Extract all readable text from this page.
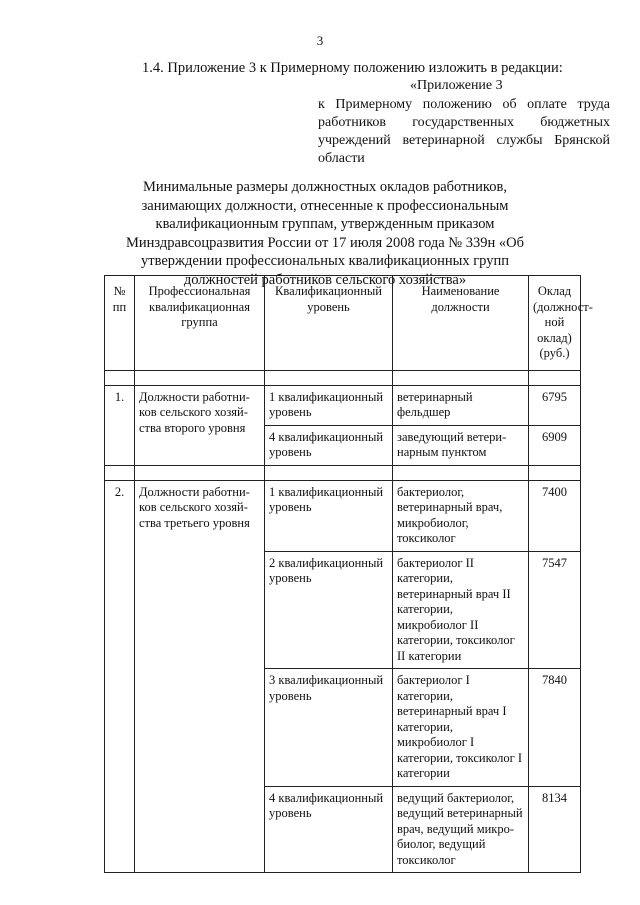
3
1.4. Приложение 3 к Примерному положению изложить в редакции:
«Приложение 3
к Примерному положению об оплате труда работников государственных бюджетных учреждений ветеринарной службы Брянской области
Минимальные размеры должностных окладов работников, занимающих должности, отнесенные к профессиональным квалификационным группам, утвержденным приказом Минздравсоцразвития России от 17 июля 2008 года № 339н «Об утверждении профессиональных квалификационных групп должностей работников сельского хозяйства»
№ пп	Профессиональная квалификационная группа	Квалификационный уровень	Наименование должности	Оклад (должност-ной оклад) (руб.)

1.	Должности работни-ков сельского хозяй-ства второго уровня	1 квалификационный уровень	ветеринарный фельдшер	6795
		4 квалификационный уровень	заведующий ветери-нарным пунктом	6909

2.	Должности работни-ков сельского хозяй-ства третьего уровня	1 квалификационный уровень	бактериолог, ветеринарный врач, микробиолог, токсиколог	7400
		2 квалификационный уровень	бактериолог II категории, ветеринарный врач II категории, микробиолог II категории, токсиколог II категории	7547
		3 квалификационный уровень	бактериолог I категории, ветеринарный врач I категории, микробиолог I категории, токсиколог I категории	7840
		4 квалификационный уровень	ведущий бактериолог, ведущий ветеринарный врач, ведущий микро-биолог, ведущий токсиколог	8134
